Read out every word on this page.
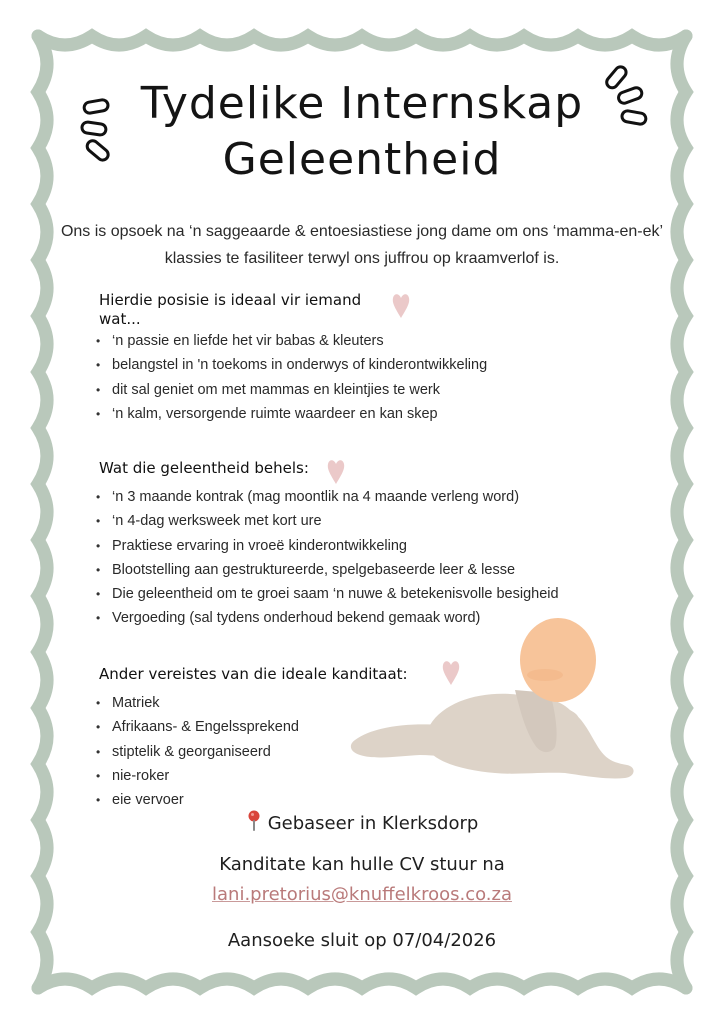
Tydelike Internskap
Geleentheid
Ons is opsoek na ‘n saggeaarde & entoesiastiese jong dame om ons ‘mamma-en-ek’ klassies te fasiliteer terwyl ons juffrou op kraamverlof is.
Hierdie posisie is ideaal vir iemand
wat...
• ‘n passie en liefde het vir babas & kleuters
• belangstel in 'n toekoms in onderwys of kinderontwikkeling
• dit sal geniet om met mammas en kleintjies te werk
• ‘n kalm, versorgende ruimte waardeer en kan skep
Wat die geleentheid behels:
• ‘n 3 maande kontrak (mag moontlik na 4 maande verleng word)
• ‘n 4-dag werksweek met kort ure
• Praktiese ervaring in vroeë kinderontwikkeling
• Blootstelling aan gestruktureerde, spelgebaseerde leer & lesse
• Die geleentheid om te groei saam ‘n nuwe & betekenisvolle besigheid
• Vergoeding (sal tydens onderhoud bekend gemaak word)
Ander vereistes van die ideale kanditaat:
• Matriek
• Afrikaans- & Engelssprekend
• stiptelik & georganiseerd
• nie-roker
• eie vervoer
Gebaseer in Klerksdorp
Kanditate kan hulle CV stuur na
lani.pretorius@knuffelkroos.co.za
Aansoeke sluit op 07/04/2026
